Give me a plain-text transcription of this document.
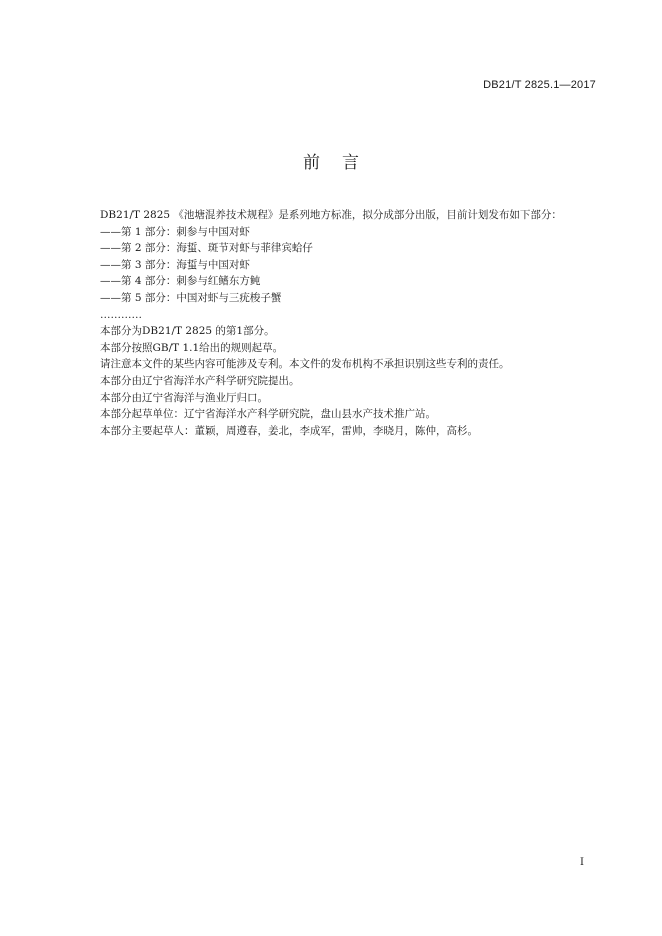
DB21/T 2825.1—2017
前言
DB21/T 2825 《池塘混养技术规程》是系列地方标准，拟分成部分出版，目前计划发布如下部分：
——第 1 部分：刺参与中国对虾
——第 2 部分：海蜇、斑节对虾与菲律宾蛤仔
——第 3 部分：海蜇与中国对虾
——第 4 部分：刺参与红鳍东方鲀
——第 5 部分：中国对虾与三疣梭子蟹
…………
本部分为DB21/T 2825 的第1部分。
本部分按照GB/T 1.1给出的规则起草。
请注意本文件的某些内容可能涉及专利。本文件的发布机构不承担识别这些专利的责任。
本部分由辽宁省海洋水产科学研究院提出。
本部分由辽宁省海洋与渔业厅归口。
本部分起草单位：辽宁省海洋水产科学研究院，盘山县水产技术推广站。
本部分主要起草人：董颖，周遵春，姜北，李成军，雷帅，李晓月，陈仲，高杉。
I
